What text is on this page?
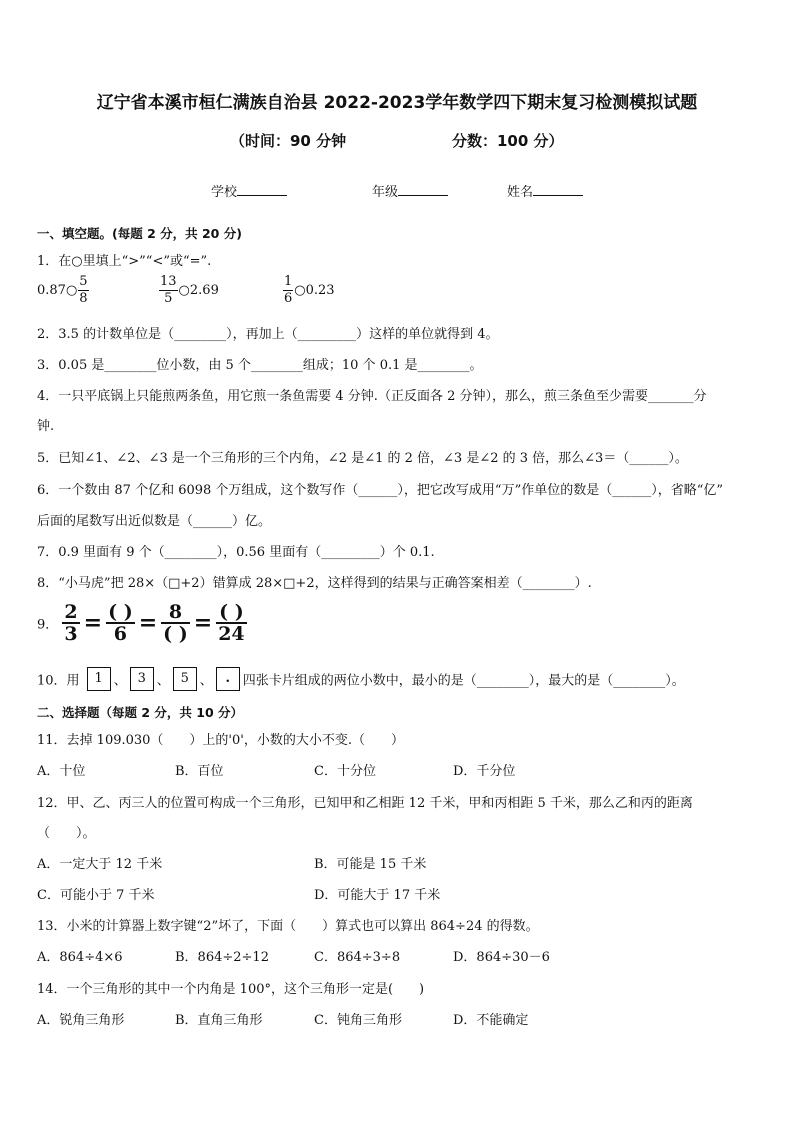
辽宁省本溪市桓仁满族自治县 2022-2023学年数学四下期末复习检测模拟试题
（时间：90 分钟	分数：100 分）
学校	年级	姓名
一、填空题。(每题 2 分，共 20 分)
1．在○里填上“>”“<”或“=”.
0.87○ $\frac{5}{8}$	$\frac{13}{5}$ ○2.69	$\frac{1}{6}$ ○0.23
2．3.5 的计数单位是（________），再加上（_________）这样的单位就得到 4。
3．0.05 是________位小数，由 5 个________组成；10 个 0.1 是________。
4．一只平底锅上只能煎两条鱼，用它煎一条鱼需要 4 分钟.（正反面各 2 分钟），那么，煎三条鱼至少需要_______分
钟.
5．已知∠1、∠2、∠3 是一个三角形的三个内角，∠2 是∠1 的 2 倍，∠3 是∠2 的 3 倍，那么∠3＝（______）。
6．一个数由 87 个亿和 6098 个万组成，这个数写作（______），把它改写成用“万”作单位的数是（______），省略“亿”
后面的尾数写出近似数是（______）亿。
7．0.9 里面有 9 个（________），0.56 里面有（_________）个 0.1.
8．“小马虎”把 28×（□+2）错算成 28×□+2，这样得到的结果与正确答案相差（________）.
9． $\frac{2}{3} = \frac{( )}{6} = \frac{8}{( )} = \frac{( )}{24}$
10．用 1 、 3 、 5 、 . 四张卡片组成的两位小数中，最小的是（________），最大的是（________）。
二、选择题（每题 2 分，共 10 分）
11．去掉 109.030（　　）上的'0'，小数的大小不变.（　　）
A．十位	B．百位	C．十分位	D．千分位
12．甲、乙、丙三人的位置可构成一个三角形，已知甲和乙相距 12 千米，甲和丙相距 5 千米，那么乙和丙的距离
（　　）。
A．一定大于 12 千米	B．可能是 15 千米
C．可能小于 7 千米	D．可能大于 17 千米
13．小米的计算器上数字键“2”坏了，下面（　　）算式也可以算出 864÷24 的得数。
A．864÷4×6	B．864÷2÷12	C．864÷3÷8	D．864÷30－6
14．一个三角形的其中一个内角是 100°，这个三角形一定是(　　)
A．锐角三角形	B．直角三角形	C．钝角三角形	D．不能确定
